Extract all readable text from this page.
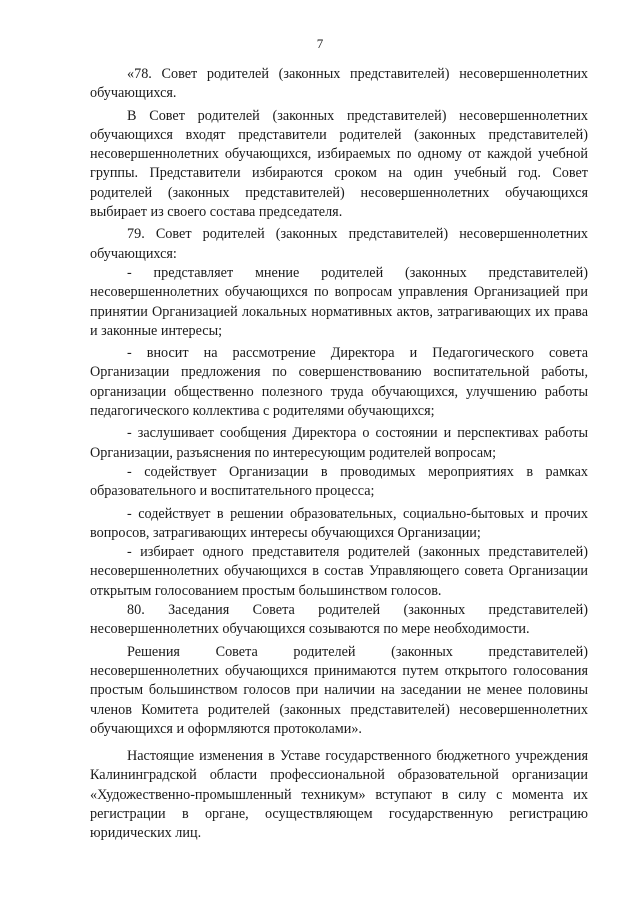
7

«78. Совет родителей (законных представителей) несовершеннолетних обучающихся.

В Совет родителей (законных представителей) несовершеннолетних обучающихся входят представители родителей (законных представителей) несовершеннолетних обучающихся, избираемых по одному от каждой учебной группы. Представители избираются сроком на один учебный год. Совет родителей (законных представителей) несовершеннолетних обучающихся выбирает из своего состава председателя.

79. Совет родителей (законных представителей) несовершеннолетних обучающихся:

- представляет мнение родителей (законных представителей) несовершеннолетних обучающихся по вопросам управления Организацией при принятии Организацией локальных нормативных актов, затрагивающих их права и законные интересы;

- вносит на рассмотрение Директора и Педагогического совета Организации предложения по совершенствованию воспитательной работы, организации общественно полезного труда обучающихся, улучшению работы педагогического коллектива с родителями обучающихся;

- заслушивает сообщения Директора о состоянии и перспективах работы Организации, разъяснения по интересующим родителей вопросам;

- содействует Организации в проводимых мероприятиях в рамках образовательного и воспитательного процесса;

- содействует в решении образовательных, социально-бытовых и прочих вопросов, затрагивающих интересы обучающихся Организации;

- избирает одного представителя родителей (законных представителей) несовершеннолетних обучающихся в состав Управляющего совета Организации открытым голосованием простым большинством голосов.

80. Заседания Совета родителей (законных представителей) несовершеннолетних обучающихся созываются по мере необходимости.

Решения Совета родителей (законных представителей) несовершеннолетних обучающихся принимаются путем открытого голосования простым большинством голосов при наличии на заседании не менее половины членов Комитета родителей (законных представителей) несовершеннолетних обучающихся и оформляются протоколами».

Настоящие изменения в Уставе государственного бюджетного учреждения Калининградской области профессиональной образовательной организации «Художественно-промышленный техникум» вступают в силу с момента их регистрации в органе, осуществляющем государственную регистрацию юридических лиц.
